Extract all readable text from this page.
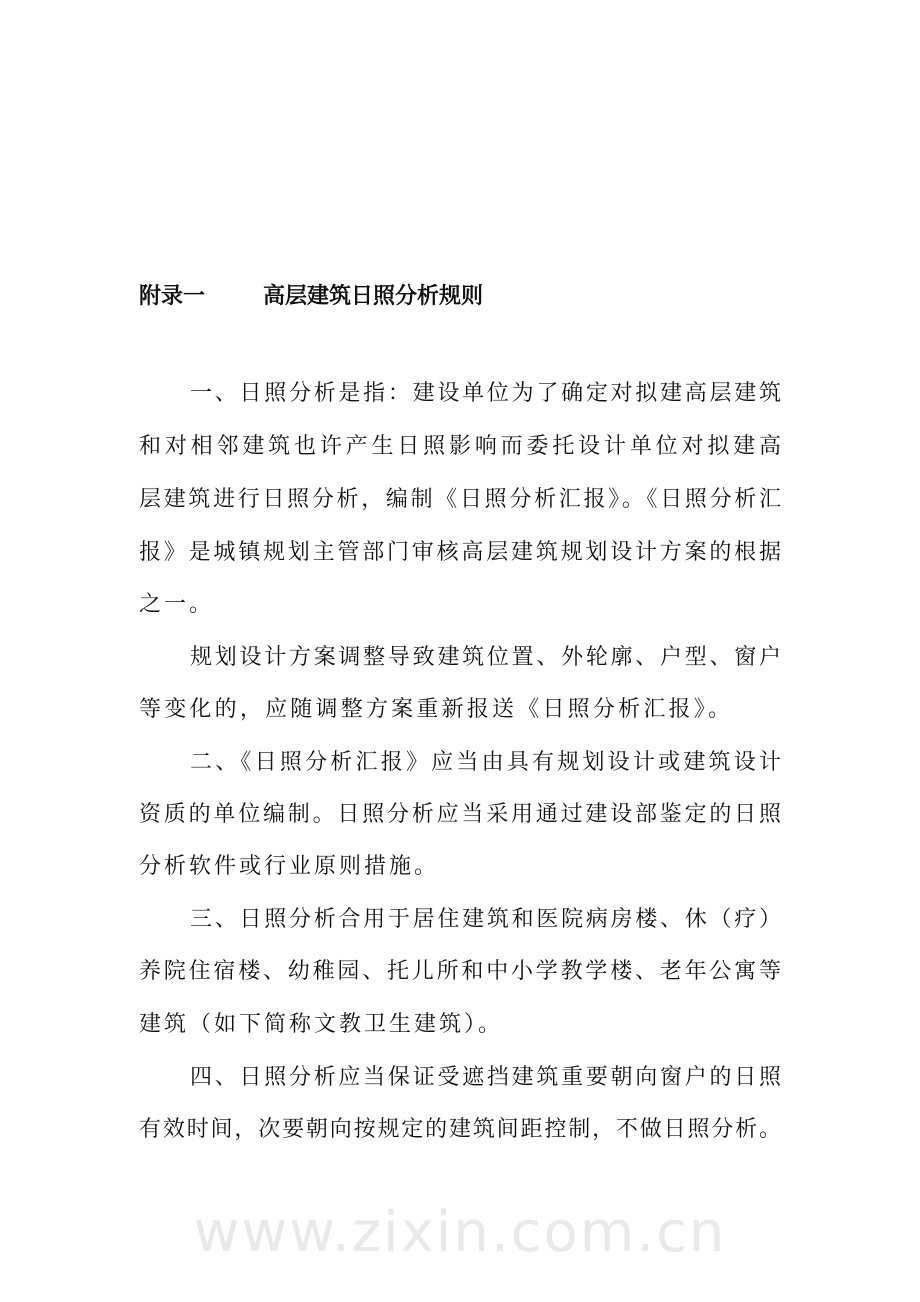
www.zixin.com.cn
附录一	高层建筑日照分析规则
一、日照分析是指：建设单位为了确定对拟建高层建筑
和对相邻建筑也许产生日照影响而委托设计单位对拟建高
层建筑进行日照分析，编制《日照分析汇报》。《日照分析汇
报》是城镇规划主管部门审核高层建筑规划设计方案的根据
之一。
规划设计方案调整导致建筑位置、外轮廓、户型、窗户
等变化的，应随调整方案重新报送《日照分析汇报》。
二、《日照分析汇报》应当由具有规划设计或建筑设计
资质的单位编制。日照分析应当采用通过建设部鉴定的日照
分析软件或行业原则措施。
三、日照分析合用于居住建筑和医院病房楼、休（疗）
养院住宿楼、幼稚园、托儿所和中小学教学楼、老年公寓等
建筑（如下简称文教卫生建筑）。
四、日照分析应当保证受遮挡建筑重要朝向窗户的日照
有效时间，次要朝向按规定的建筑间距控制，不做日照分析。
